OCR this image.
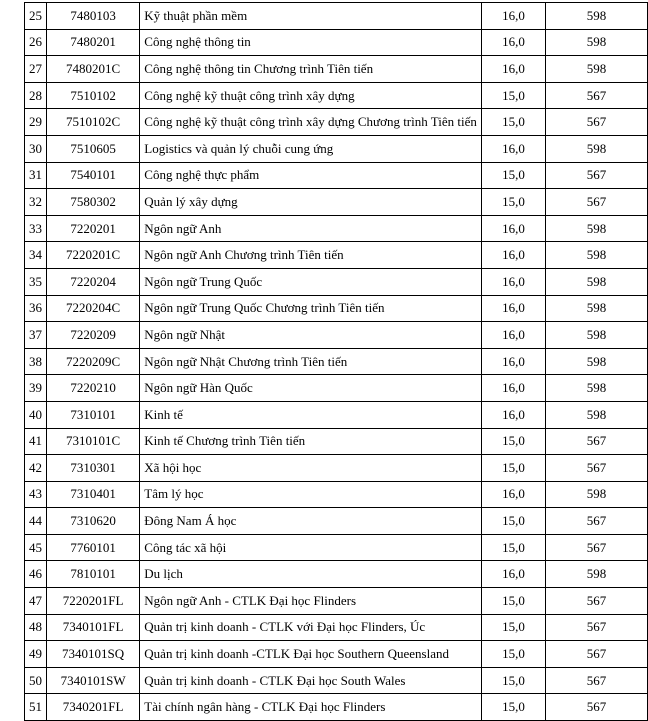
25	7480103	Kỹ thuật phần mềm	16,0	598
26	7480201	Công nghệ thông tin	16,0	598
27	7480201C	Công nghệ thông tin Chương trình Tiên tiến	16,0	598
28	7510102	Công nghệ kỹ thuật công trình xây dựng	15,0	567
29	7510102C	Công nghệ kỹ thuật công trình xây dựng Chương trình Tiên tiến	15,0	567
30	7510605	Logistics và quản lý chuỗi cung ứng	16,0	598
31	7540101	Công nghệ thực phẩm	15,0	567
32	7580302	Quản lý xây dựng	15,0	567
33	7220201	Ngôn ngữ Anh	16,0	598
34	7220201C	Ngôn ngữ Anh Chương trình Tiên tiến	16,0	598
35	7220204	Ngôn ngữ Trung Quốc	16,0	598
36	7220204C	Ngôn ngữ Trung Quốc Chương trình Tiên tiến	16,0	598
37	7220209	Ngôn ngữ Nhật	16,0	598
38	7220209C	Ngôn ngữ Nhật Chương trình Tiên tiến	16,0	598
39	7220210	Ngôn ngữ Hàn Quốc	16,0	598
40	7310101	Kinh tế	16,0	598
41	7310101C	Kinh tế Chương trình Tiên tiến	15,0	567
42	7310301	Xã hội học	15,0	567
43	7310401	Tâm lý học	16,0	598
44	7310620	Đông Nam Á học	15,0	567
45	7760101	Công tác xã hội	15,0	567
46	7810101	Du lịch	16,0	598
47	7220201FL	Ngôn ngữ Anh - CTLK Đại học Flinders	15,0	567
48	7340101FL	Quản trị kinh doanh - CTLK với Đại học Flinders, Úc	15,0	567
49	7340101SQ	Quản trị kinh doanh -CTLK Đại học Southern Queensland	15,0	567
50	7340101SW	Quản trị kinh doanh - CTLK Đại học South Wales	15,0	567
51	7340201FL	Tài chính ngân hàng - CTLK Đại học Flinders	15,0	567
